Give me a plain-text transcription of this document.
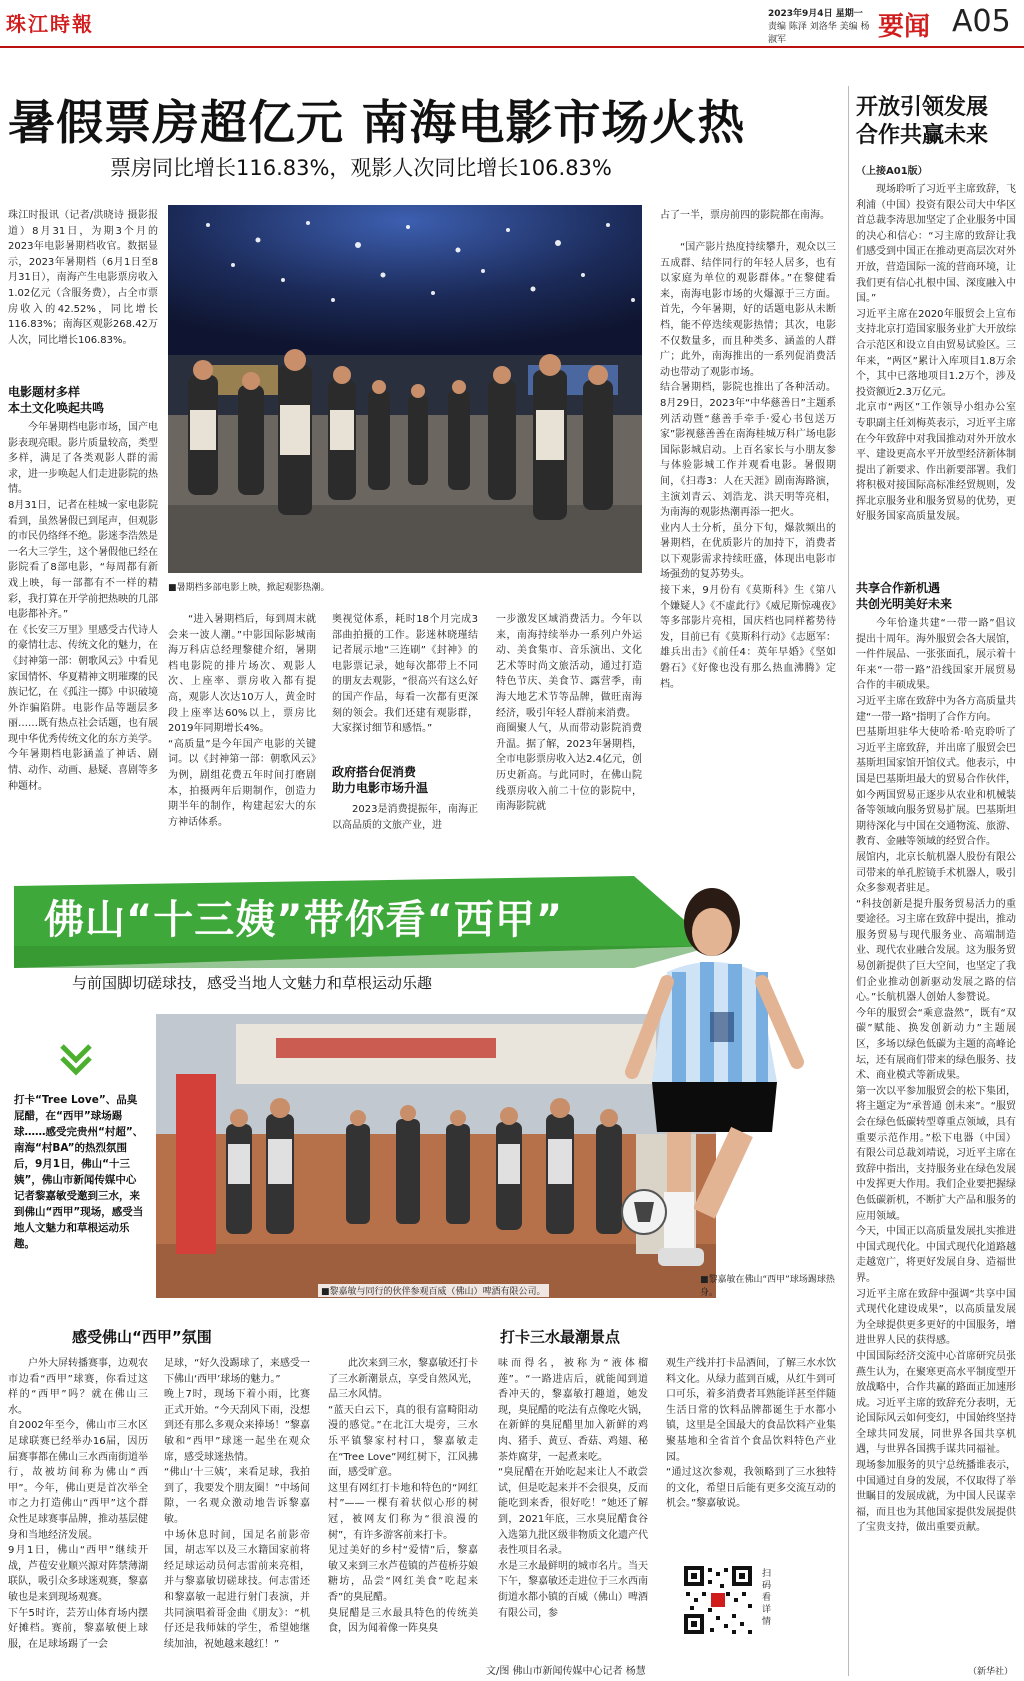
珠江時報	2023年9月4日 星期一
责编 陈泽 刘洛华 美编 杨淑军	要闻 A05
暑假票房超亿元 南海电影市场火热
票房同比增长116.83%，观影人次同比增长106.83%
珠江时报讯（记者/洪晓诗 摄影报道）8月31日，为期3个月的2023年电影暑期档收官。数据显示，2023年暑期档（6月1日至8月31日），南海产生电影票房收入1.02亿元（含服务费），占全市票房收入的42.52%，同比增长116.83%；南海区观影268.42万人次，同比增长106.83%。
电影题材多样
本土文化唤起共鸣
今年暑期档电影市场，国产电影表现亮眼。影片质量较高，类型多样，满足了各类观影人群的需求，进一步唤起人们走进影院的热情。
8月31日，记者在桂城一家电影院看到，虽然暑假已到尾声，但观影的市民仍络绎不绝。影迷李浩然是一名大三学生，这个暑假他已经在影院看了8部电影，“每周都有新戏上映，每一部都有不一样的精彩，我打算在开学前把热映的几部电影都补齐。”
在《长安三万里》里感受古代诗人的豪情壮志、传统文化的魅力，在《封神第一部：朝歌风云》中看见家国情怀、华夏精神文明璀璨的民族记忆，在《孤注一掷》中识破境外诈骗陷阱。电影作品等题层多丽……既有热点社会话题，也有展现中华优秀传统文化的东方美学。今年暑期档电影涵盖了神话、剧情、动作、动画、悬疑、喜剧等多种题材。
■暑期档多部电影上映，掀起观影热潮。
“进入暑期档后，每到周末就会来一波人潮。”中影国际影城南海万科店总经理黎健介绍，暑期档电影院的排片场次、观影人次、上座率、票房收入都有提高，观影人次达10万人，黄金时段上座率达60%以上，票房比2019年同期增长4%。
“高质量”是今年国产电影的关键词。以《封神第一部：朝歌风云》为例，剧组花费五年时间打磨剧本，拍摄两年后期制作，创造力期半年的制作，构建起宏大的东方神话体系。
奥视觉体系，耗时18个月完成3部曲拍摄的工作。影迷林晓瑾结记者展示地“三连刷”《封神》的电影票记录，她每次都带上不同的朋友去观影，“很高兴有这么好的国产作品，每看一次都有更深刻的领会。我们还建有观影群，大家探讨细节和感悟。”
政府搭台促消费
助力电影市场升温
2023是消费提振年，南海正以高品质的文旅产业，进
一步激发区域消费活力。今年以来，南海持续举办一系列户外运动、美食集市、音乐演出、文化艺术等时尚文旅活动，通过打造特色节庆、美食节、露营季，南海大地艺术节等品牌，做旺南海经济，吸引年轻人群前来消费。
商圈聚人气，从而带动影院消费升温。据了解，2023年暑期档，全市电影票房收入达2.4亿元，创历史新高。与此同时，在佛山院线票房收入前二十位的影院中，南海影院就
占了一半，票房前四的影院都在南海。
“国产影片热度持续攀升，观众以三五成群、结伴同行的年轻人居多，也有以家庭为单位的观影群体。”在黎健看来，南海电影市场的火爆源于三方面。首先，今年暑期，好的话题电影从未断档，能不停迭续观影热情；其次，电影不仅数量多，而且种类多、涵盖的人群广；此外，南海推出的一系列促消费活动也带动了观影市场。
结合暑期档，影院也推出了各种活动。8月29日，2023年“中华慈善日”主题系列活动暨“慈善手牵手·爱心书包送万家”影视慈善善在南海桂城万科广场电影国际影城启动。上百名家长与小朋友参与体验影城工作并观看电影。暑假期间，《扫毒3：人在天涯》剧南海路演，主演刘青云、刘浩龙、洪天明等亮相，为南海的观影热潮再添一把火。
业内人士分析，虽分下旬，爆款频出的暑期档，在优质影片的加持下，消费者以下观影需求持续旺盛，体现出电影市场强劲的复苏势头。
接下来，9月份有《莫斯科》生《第八个嫌疑人》《不虚此行》《威尼斯惊魂夜》等多部影片亮相，国庆档也同样蓄势待发，目前已有《莫斯科行动》《志愿军：雄兵出击》《前任4：英年早婚》《坚如磐石》《好像也没有那么热血沸腾》定档。
开放引领发展
合作共赢未来
（上接A01版）
现场聆听了习近平主席致辞，飞利浦（中国）投资有限公司大中华区首总裁李涛思加坚定了企业服务中国的决心和信心：“习主席的致辞让我们感受到中国正在推动更高层次对外开放，营造国际一流的营商环境，让我们更有信心扎根中国、深度融入中国。”
习近平主席在2020年服贸会上宣布支持北京打造国家服务业扩大开放综合示范区和设立自由贸易试验区。三年来，“两区”累计入库项目1.8万余个，其中已落地项目1.2万个，涉及投资额近2.3万亿元。
北京市“两区”工作领导小组办公室专职副主任刘梅英表示，习近平主席在今年致辞中对我国推动对外开放水平、建设更高水平开放型经济新体制提出了新要求、作出新要部署。我们将积极对接国际高标准经贸规则，发挥北京服务业和服务贸易的优势，更好服务国家高质量发展。
共享合作新机遇
共创光明美好未来
今年恰逢共建“一带一路”倡议提出十周年。海外服贸会各大展馆，一件件展品、一张张面孔，展示着十年来“一带一路”沿线国家开展贸易合作的丰硕成果。
习近平主席在致辞中为各方高质量共建“一带一路”指明了合作方向。
巴基斯坦驻华大使哈希·哈克聆听了习近平主席致辞，并出席了服贸会巴基斯坦国家馆开馆仪式。他表示，中国是巴基斯坦最大的贸易合作伙伴，如今两国贸易正逐步从农业和机械装备等领域向服务贸易扩展。巴基斯坦期待深化与中国在交通物流、旅游、教育、金融等领域的经贸合作。
展馆内，北京长航机器人股份有限公司带来的单孔腔镜手术机器人，吸引众多参观者驻足。
“科技创新是提升服务贸易活力的重要途径。习主席在致辞中提出，推动服务贸易与现代服务业、高端制造业、现代农业融合发展。这为服务贸易创新提供了巨大空间，也坚定了我们企业推动创新驱动发展之路的信心。”长航机器人创始人参赞说。
今年的服贸会“乘意盎然”，既有“双碳”赋能、换发创新动力”主题展区，多场以绿色低碳为主题的高峰论坛，还有展商们带来的绿色服务、技术、商业模式等新成果。
第一次以平参加服贸会的松下集团，将主题定为“承普通 创未来”。“服贸会在绿色低碳转型尊重点领域，具有重要示范作用。”松下电器（中国）有限公司总裁刘靖说，习近平主席在致辞中指出，支持服务业在绿色发展中发挥更大作用。我们企业要把握绿色低碳新机，不断扩大产品和服务的应用领域。
今天，中国正以高质量发展扎实推进中国式现代化。中国式现代化道路越走越宽广，将更好发展自身、造福世界。
习近平主席在致辞中强调“共享中国式现代化建设成果”，以高质量发展为全球提供更多更好的中国服务，增进世界人民的获得感。
中国国际经济交流中心首席研究员张燕生认为，在聚寒更高水平制度型开放战略中，合作共赢的路面正加速形成。习近平主席的致辞充分表明，无论国际风云如何变幻，中国始终坚持全球共同发展，同世界各国共享机遇，与世界各国携手谋共同福祉。
现场参加服务的贝宁总统播谁表示，中国通过自身的发展，不仅取得了举世瞩目的发展成就，为中国人民谋幸福，而且也为其他国家提供发展提供了宝贵支持，做出重要贡献。
（新华社）
佛山“十三姨”带你看“西甲”
与前国脚切磋球技，感受当地人文魅力和草根运动乐趣
打卡“Tree Love”、品臭屁醋，在“西甲”球场踢球……感受完贵州“村超”、南海“村BA”的热烈氛围后，9月1日，佛山“十三姨”，佛山市新闻传媒中心记者黎嘉敏受邀到三水，来到佛山“西甲”现场，感受当地人文魅力和草根运动乐趣。
■黎嘉敏与同行的伙伴参观百威（佛山）啤酒有限公司。
■黎嘉敏在佛山“西甲”球场踢球热身。
感受佛山“西甲”氛围
户外大屏转播赛事，边观农市边看“西甲”球赛，你看过这样的“西甲”吗？就在佛山三水。
自2002年至今，佛山市三水区足球联赛已经举办16届，因历届赛事都在佛山三水西南街道举行，故被坊间称为佛山“西甲”。今年，佛山更是首次举全市之力打造佛山“西甲”这个群众性足球赛事品牌，推动基层健身和当地经济发展。
9月1日，佛山“西甲”继续开战，芦苞安业顺兴源对阵禁薄湖联队，吸引众多球迷观赛，黎嘉敏也是来到现场观赛。
下午5时许，芸芳山体育场内摆好摊档。赛前，黎嘉敏便上球服，在足球场踢了一会
足球，“好久没踢球了，来感受一下佛山‘西甲’球场的魅力。”
晚上7时，现场下着小雨，比赛正式开始。“今天刮风下雨，没想到还有那么多观众来捧场！”黎嘉敏和“西甲”球迷一起坐在观众席，感受球迷热情。
“佛山‘十三姨’，来看足球，我拍到了，我要发个朋友圈！”中场间隙，一名观众激动地告诉黎嘉敏。
中场休息时间，国足名前影帝国，胡志军以及三水籍国家前将经足球运动员何志雷前来亮相，并与黎嘉敏切磋球技。何志雷还和黎嘉敏一起进行射门表演，并共同演唱着哥金曲《朋友》：“机仔还是我师妹的学生，希望她继续加油，祝她越来越红！”
打卡三水最潮景点
此次来到三水，黎嘉敏还打卡了三水新潮景点，享受自然风光，品三水风情。
“蓝天白云下，真的很有富畸阳动漫的感觉。”在北江大堤旁，三水乐平镇黎家村村口，黎嘉敏走在“Tree Love”网红树下，江风拂面，感受旷意。
这里有网红打卡地和特色的“网红村”——一棵有着状似心形的树冠，被网友们称为“很浪漫的树”，有许多游客前来打卡。
见过美好的乡村“爱情”后，黎嘉敏又来到三水芦苞镇的芦苞桥芬娘糖坊，品尝“网红美食”吃起来香”的臭屁醋。
臭屁醋是三水最具特色的传统美食，因为闻着像一阵臭臭
味而得名，被称为“液体榴莲”。“一路进店后，就能闻到道香冲天的，黎嘉敏打趣道，她发现，臭屁醋的吃法有点像吃火锅，在新鲜的臭屁醋里加入新鲜的鸡肉、猪手、黄豆、香菇、鸡翅、秘茶炸腐芽，一起煮来吃。
“臭屁醋在开始吃起来让人不敢尝试，但是吃起来并不会很臭，反而能吃到来香，很好吃！”她还了解到，2021年底，三水臭屁醋食谷入选第九批区级非物质文化遗产代表性项目名录。
水是三水最鲜明的城市名片。当天下午，黎嘉敏还走进位于三水西南街道水都小镇的百威（佛山）啤酒有限公司，参
观生产线并打卡品酒间，了解三水水饮料文化。从绿力蓝到百威，从红牛到可口可乐，着多消费者耳熟能详甚至伴随生活日常的饮料品牌都诞生于水都小镇，这里是全国最大的食品饮料产业集聚基地和全省首个食品饮料特色产业园。
“通过这次参观，我领略到了三水独特的文化，希望日后能有更多交流互动的机会。”黎嘉敏说。
扫码看详情
文/图 佛山市新闻传媒中心记者 杨慧
